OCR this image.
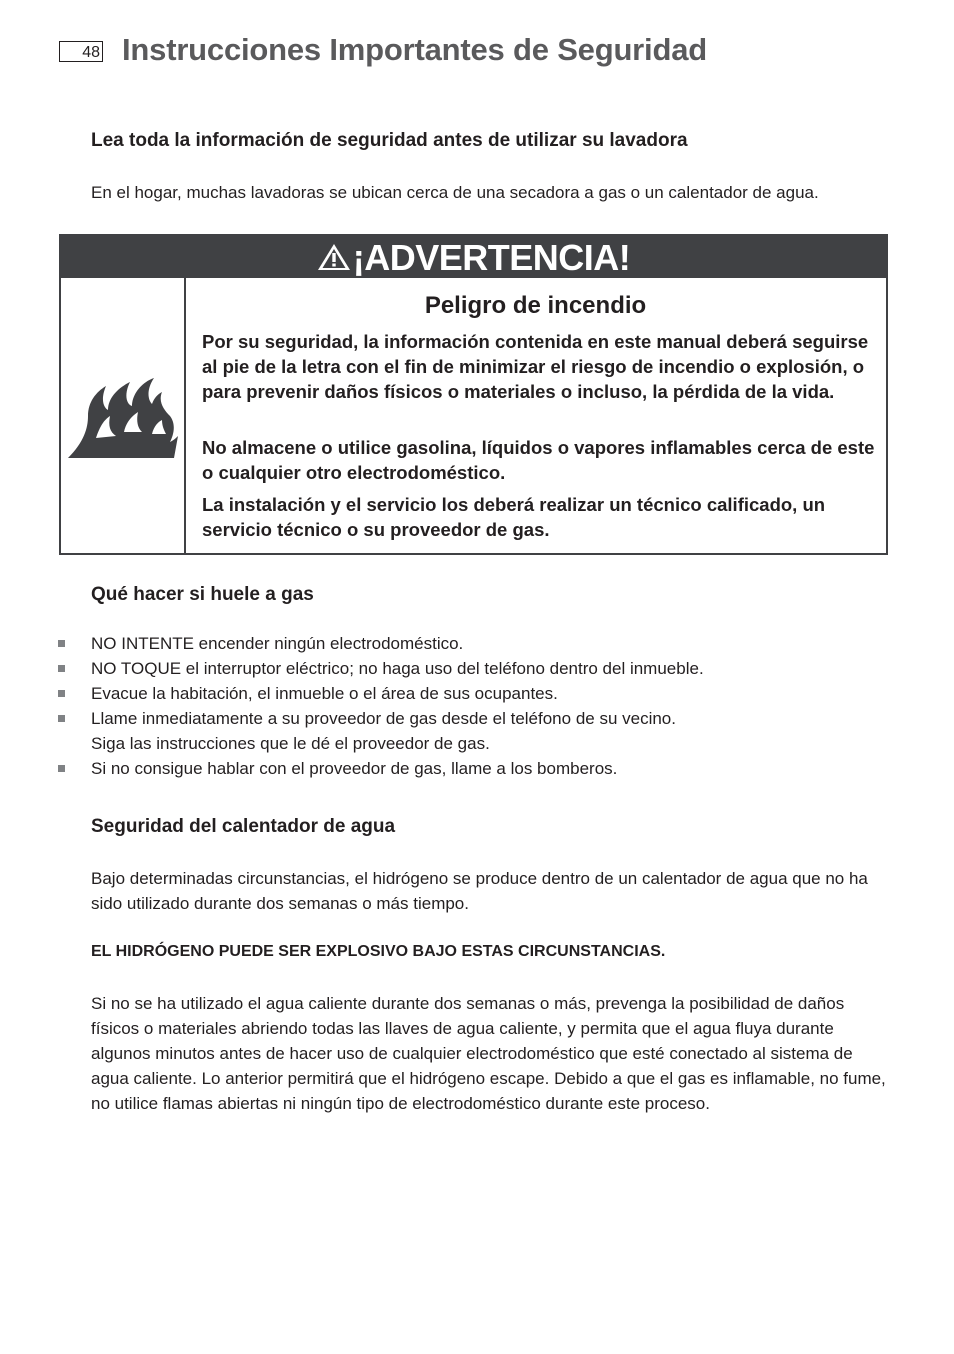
48 Instrucciones Importantes de Seguridad
Lea toda la información de seguridad antes de utilizar su lavadora
En el hogar, muchas lavadoras se ubican cerca de una secadora a gas o un calentador de agua.
¡ADVERTENCIA!
Peligro de incendio
Por su seguridad, la información contenida en este manual deberá seguirse al pie de la letra con el fin de minimizar el riesgo de incendio o explosión, o para prevenir daños físicos o materiales o incluso, la pérdida de la vida.
No almacene o utilice gasolina, líquidos o vapores inflamables cerca de este o cualquier otro electrodoméstico.
La instalación y el servicio los deberá realizar un técnico calificado, un servicio técnico o su proveedor de gas.
Qué hacer si huele a gas
NO INTENTE encender ningún electrodoméstico.
NO TOQUE el interruptor eléctrico; no haga uso del teléfono dentro del inmueble.
Evacue la habitación, el inmueble o el área de sus ocupantes.
Llame inmediatamente a su proveedor de gas desde el teléfono de su vecino.
Siga las instrucciones que le dé el proveedor de gas.
Si no consigue hablar con el proveedor de gas, llame a los bomberos.
Seguridad del calentador de agua
Bajo determinadas circunstancias, el hidrógeno se produce dentro de un calentador de agua que no ha sido utilizado durante dos semanas o más tiempo.
EL HIDRÓGENO PUEDE SER EXPLOSIVO BAJO ESTAS CIRCUNSTANCIAS.
Si no se ha utilizado el agua caliente durante dos semanas o más, prevenga la posibilidad de daños físicos o materiales abriendo todas las llaves de agua caliente, y permita que el agua fluya durante algunos minutos antes de hacer uso de cualquier electrodoméstico que esté conectado al sistema de agua caliente. Lo anterior permitirá que el hidrógeno escape. Debido a que el gas es inflamable, no fume, no utilice flamas abiertas ni ningún tipo de electrodoméstico durante este proceso.
